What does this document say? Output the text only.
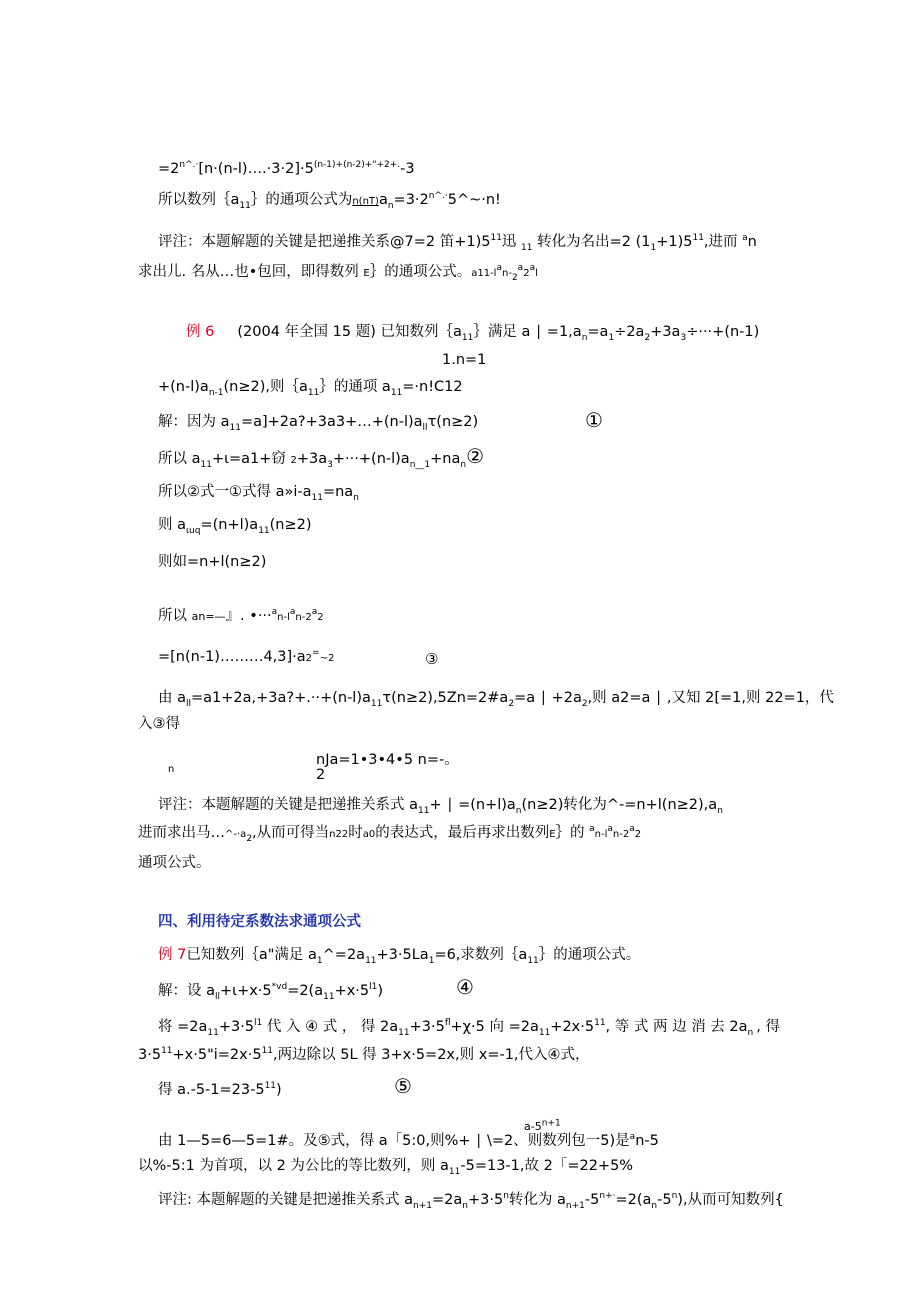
$=2^{n\^{}.\cdot}[n\cdot(n-l)\dots.\cdot 3\cdot 2]\cdot 5^{(n-1)+(n-2)+"+2+.}-3$
所以数列$\{a_{11}\}$的通项公式为$n(nT)a_n=3\cdot 2^{n\^{}.\cdot}5\^{}\sim\cdot n$!
评注：本题解题的关键是把递推关系@7=2 笛$+1)5^{11}$迅 $_{11}$ 转化为名出=2 $(1_1+1)5^{11}$,进而 $^a$n
求出儿. 名从…也•包回，即得数列 E｝的通项公式。$a11-l^an-_2^a2^al$
例 6 (2004 年全国 15 题) 已知数列$\{a_{11}\}$满足 a ∣ $=1,a_n=a_1\div 2a_2+3a_3\div\cdot\cdot\cdot+(n-1)$
1.n=1
$+(n-l)a_{n-1}(n\ge 2)$,则$\{a_{11}\}$的通项 $a_{11}=\cdot n!C12$
解：因为 $a_{11}=a]+2a?+3a3+\dots+(n-l)a_{ll}\tau(n\ge 2)$	①
所以 $a_{11}+\iota=a1+$窃 $2+3a_3+\cdot\cdot\cdot+(n-l)a_{n\_\_1}+na_n②$
所以②式一①式得 $a»i-a_{11}=na_n$
则 $a_{\iota uq}=(n+l)a_{11}(n\ge 2)$
则如=n+l(n≥2)
所以 an=—』. $•\cdot\cdot\cdot^an-l^an-2^a2$
=[n(n-1)………4,3]·a2=~2	③
由 $a_{ll}=a1+2a,+3a?+.\cdot\cdot+(n-l)a_{11}\tau(n\ge 2),5Zn=2\#a_2=a$ ∣ $+2a_2$,则 a2=a ∣ ,又知 2[=1,则 22=1，代
入③得
n
nJa=1•3•4•5 n=-。
2
评注：本题解题的关键是把递推关系式 $a_{11}+$ ∣ $=(n+l)a_n(n\ge 2)$转化为$\^{}-=n+l(n\ge 2),a_n$
进而求出马$\dots\^{}-\cdot a_2$,从而可得当n22时a0的表达式，最后再求出数列E｝的 $^an-l^an-2^a2$
通项公式。
四、利用待定系数法求通项公式
例 7已知数列｛a"满足 $a_1\^{}=2a_{11}+3\cdot 5La_1=6$,求数列$\{a_{11}\}$的通项公式。
解：设 $a_{ll}+\iota+x\cdot 5^{*vd}=2(a_{11}+x\cdot 5^{l1})$	④
将 $=2a_{11}+3\cdot 5^{l1}$ 代 入 ④ 式 ， 得 $2a_{11}+3\cdot 5^{fl}+\chi\cdot 5$ 向 $=2a_{11}+2x\cdot 5^{11}$, 等 式 两 边 消 去 $2a_n$ , 得
$3\cdot 5^{11}+x\cdot 5"i=2x\cdot 5^{11}$,两边除以 5L 得 3+x·5=2x,则 x=-1,代入④式，
得 $a.-5-1=23-5^{11}$)	⑤
$a-5^{n+1}$
由 1—5=6—5=1#。及⑤式，得 a「5:0,则%+ ∣ \=2、则数列包一5)是$^a$n-5
以%-5:1 为首项，以 2 为公比的等比数列，则 $a_{11}-5=13-1$,故 2「=22+5%
评注: 本题解题的关键是把递推关系式 $a_{n+1}=2a_n+3\cdot 5^n$转化为 $a_{n+1}-5^{n+\cdot}=2(a_n-5^n)$,从而可知数列{
